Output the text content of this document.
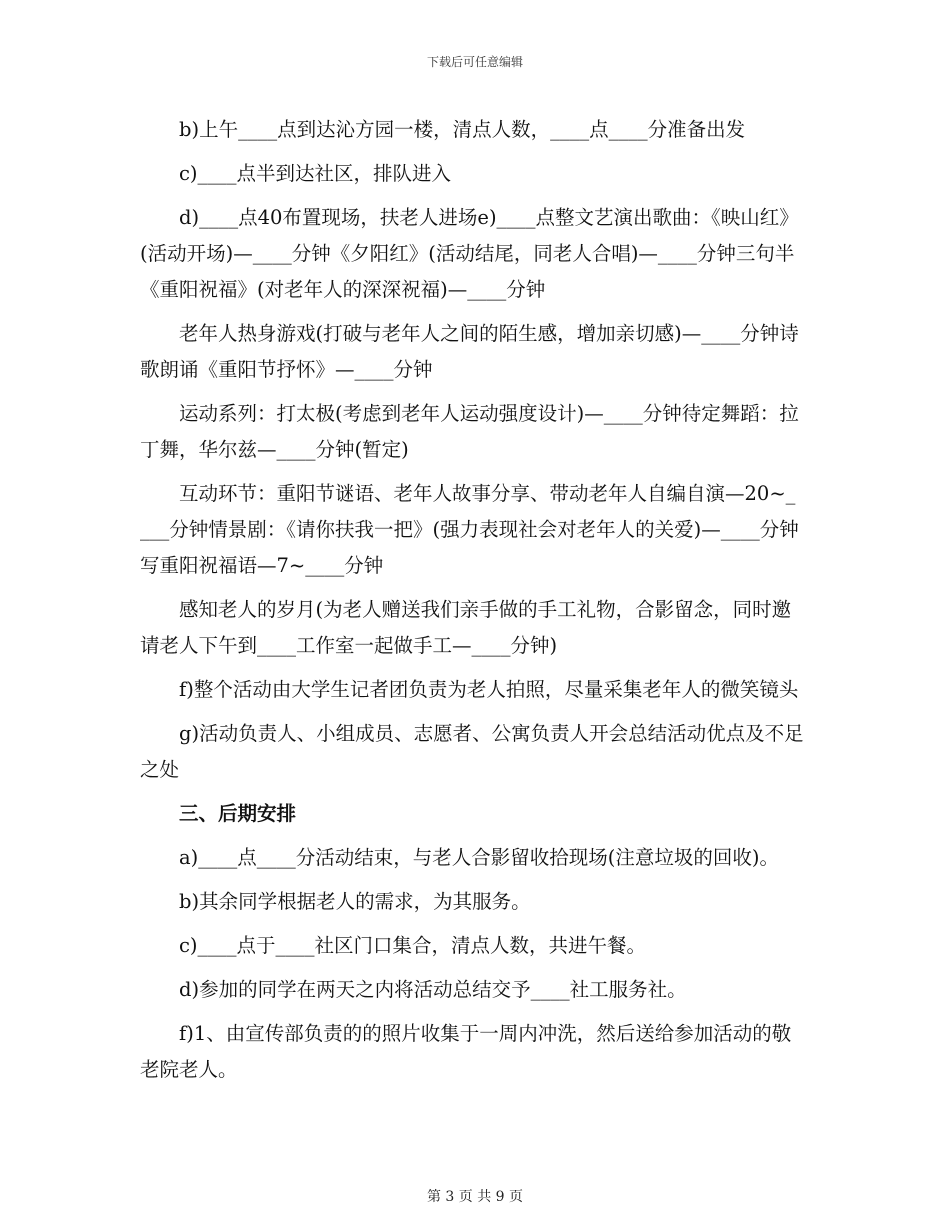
下载后可任意编辑

b)上午____点到达沁方园一楼，清点人数，____点____分准备出发

c)____点半到达社区，排队进入

d)____点40布置现场，扶老人进场e)____点整文艺演出歌曲：《映山红》(活动开场)—____分钟《夕阳红》(活动结尾，同老人合唱)—____分钟三句半《重阳祝福》(对老年人的深深祝福)—____分钟

老年人热身游戏(打破与老年人之间的陌生感，增加亲切感)—____分钟诗歌朗诵《重阳节抒怀》—____分钟

运动系列：打太极(考虑到老年人运动强度设计)—____分钟待定舞蹈：拉丁舞，华尔兹—____分钟(暂定)

互动环节：重阳节谜语、老年人故事分享、带动老年人自编自演—20~____分钟情景剧：《请你扶我一把》(强力表现社会对老年人的关爱)—____分钟写重阳祝福语—7~____分钟

感知老人的岁月(为老人赠送我们亲手做的手工礼物，合影留念，同时邀请老人下午到____工作室一起做手工—____分钟)

f)整个活动由大学生记者团负责为老人拍照，尽量采集老年人的微笑镜头

g)活动负责人、小组成员、志愿者、公寓负责人开会总结活动优点及不足之处

三、后期安排

a)____点____分活动结束，与老人合影留收拾现场(注意垃圾的回收)。

b)其余同学根据老人的需求，为其服务。

c)____点于____社区门口集合，清点人数，共进午餐。

d)参加的同学在两天之内将活动总结交予____社工服务社。

f)1、由宣传部负责的的照片收集于一周内冲洗，然后送给参加活动的敬老院老人。

第 3 页 共 9 页
